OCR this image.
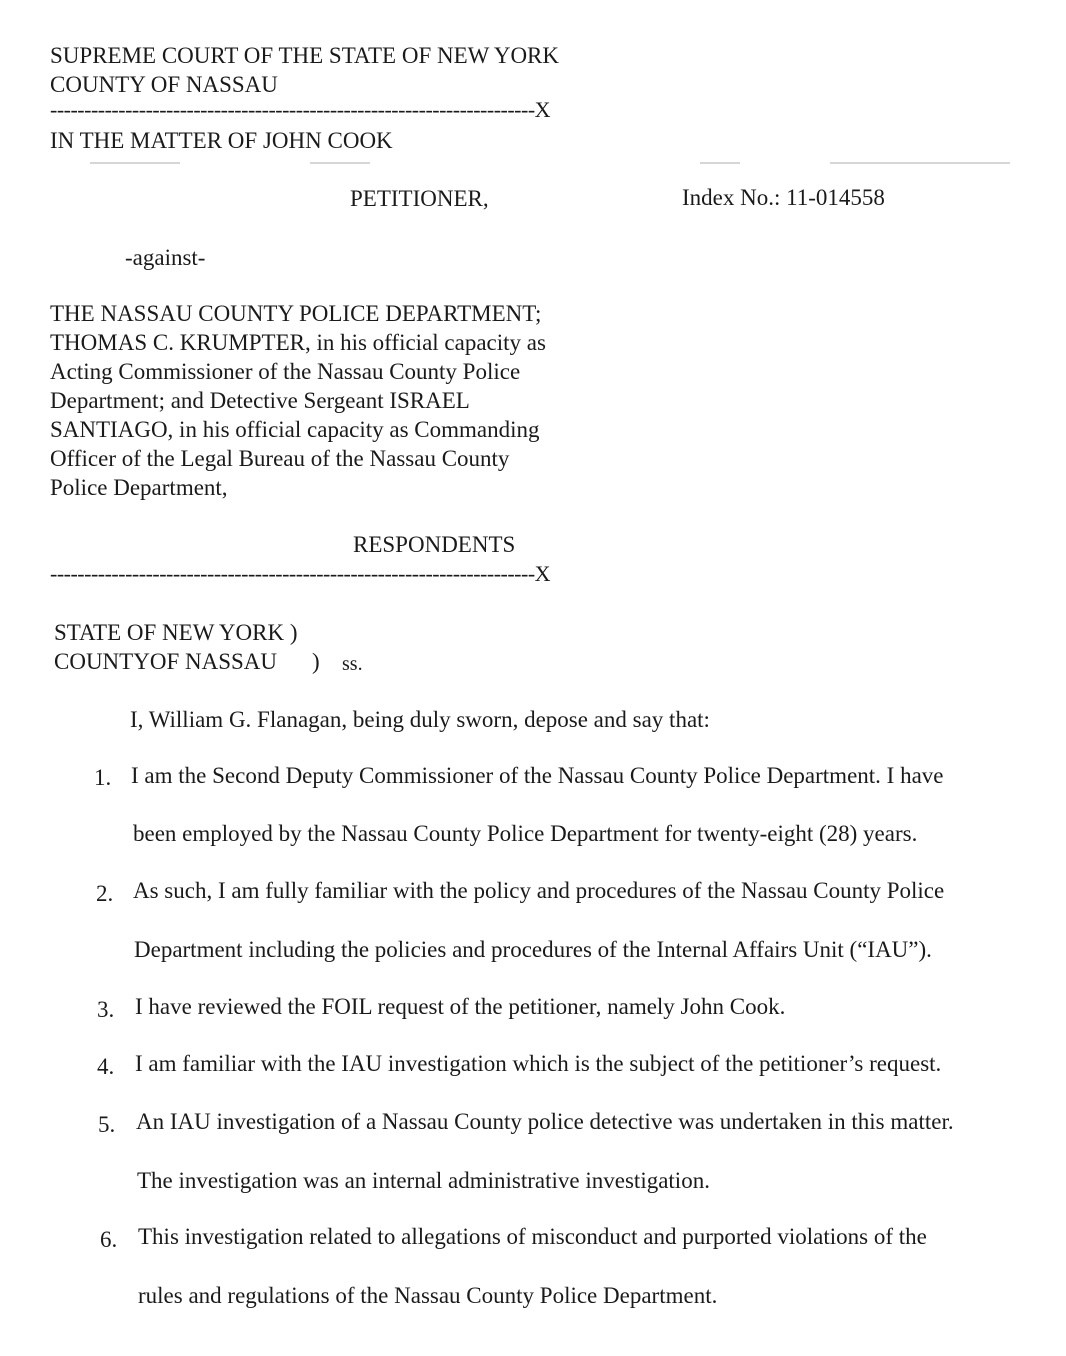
SUPREME COURT OF THE STATE OF NEW YORK
COUNTY OF NASSAU
-----------------------------------------------------------------------X
IN THE MATTER OF JOHN COOK
PETITIONER,	Index No.: 11-014558
-against-
THE NASSAU COUNTY POLICE DEPARTMENT;
THOMAS C. KRUMPTER, in his official capacity as
Acting Commissioner of the Nassau County Police
Department; and Detective Sergeant ISRAEL
SANTIAGO, in his official capacity as Commanding
Officer of the Legal Bureau of the Nassau County
Police Department,
RESPONDENTS
-----------------------------------------------------------------------X
STATE OF NEW YORK )
COUNTYOF NASSAU ) ss.
I, William G. Flanagan, being duly sworn, depose and say that:
1. I am the Second Deputy Commissioner of the Nassau County Police Department. I have
been employed by the Nassau County Police Department for twenty-eight (28) years.
2. As such, I am fully familiar with the policy and procedures of the Nassau County Police
Department including the policies and procedures of the Internal Affairs Unit (“IAU”).
3. I have reviewed the FOIL request of the petitioner, namely John Cook.
4. I am familiar with the IAU investigation which is the subject of the petitioner’s request.
5. An IAU investigation of a Nassau County police detective was undertaken in this matter.
The investigation was an internal administrative investigation.
6. This investigation related to allegations of misconduct and purported violations of the
rules and regulations of the Nassau County Police Department.
